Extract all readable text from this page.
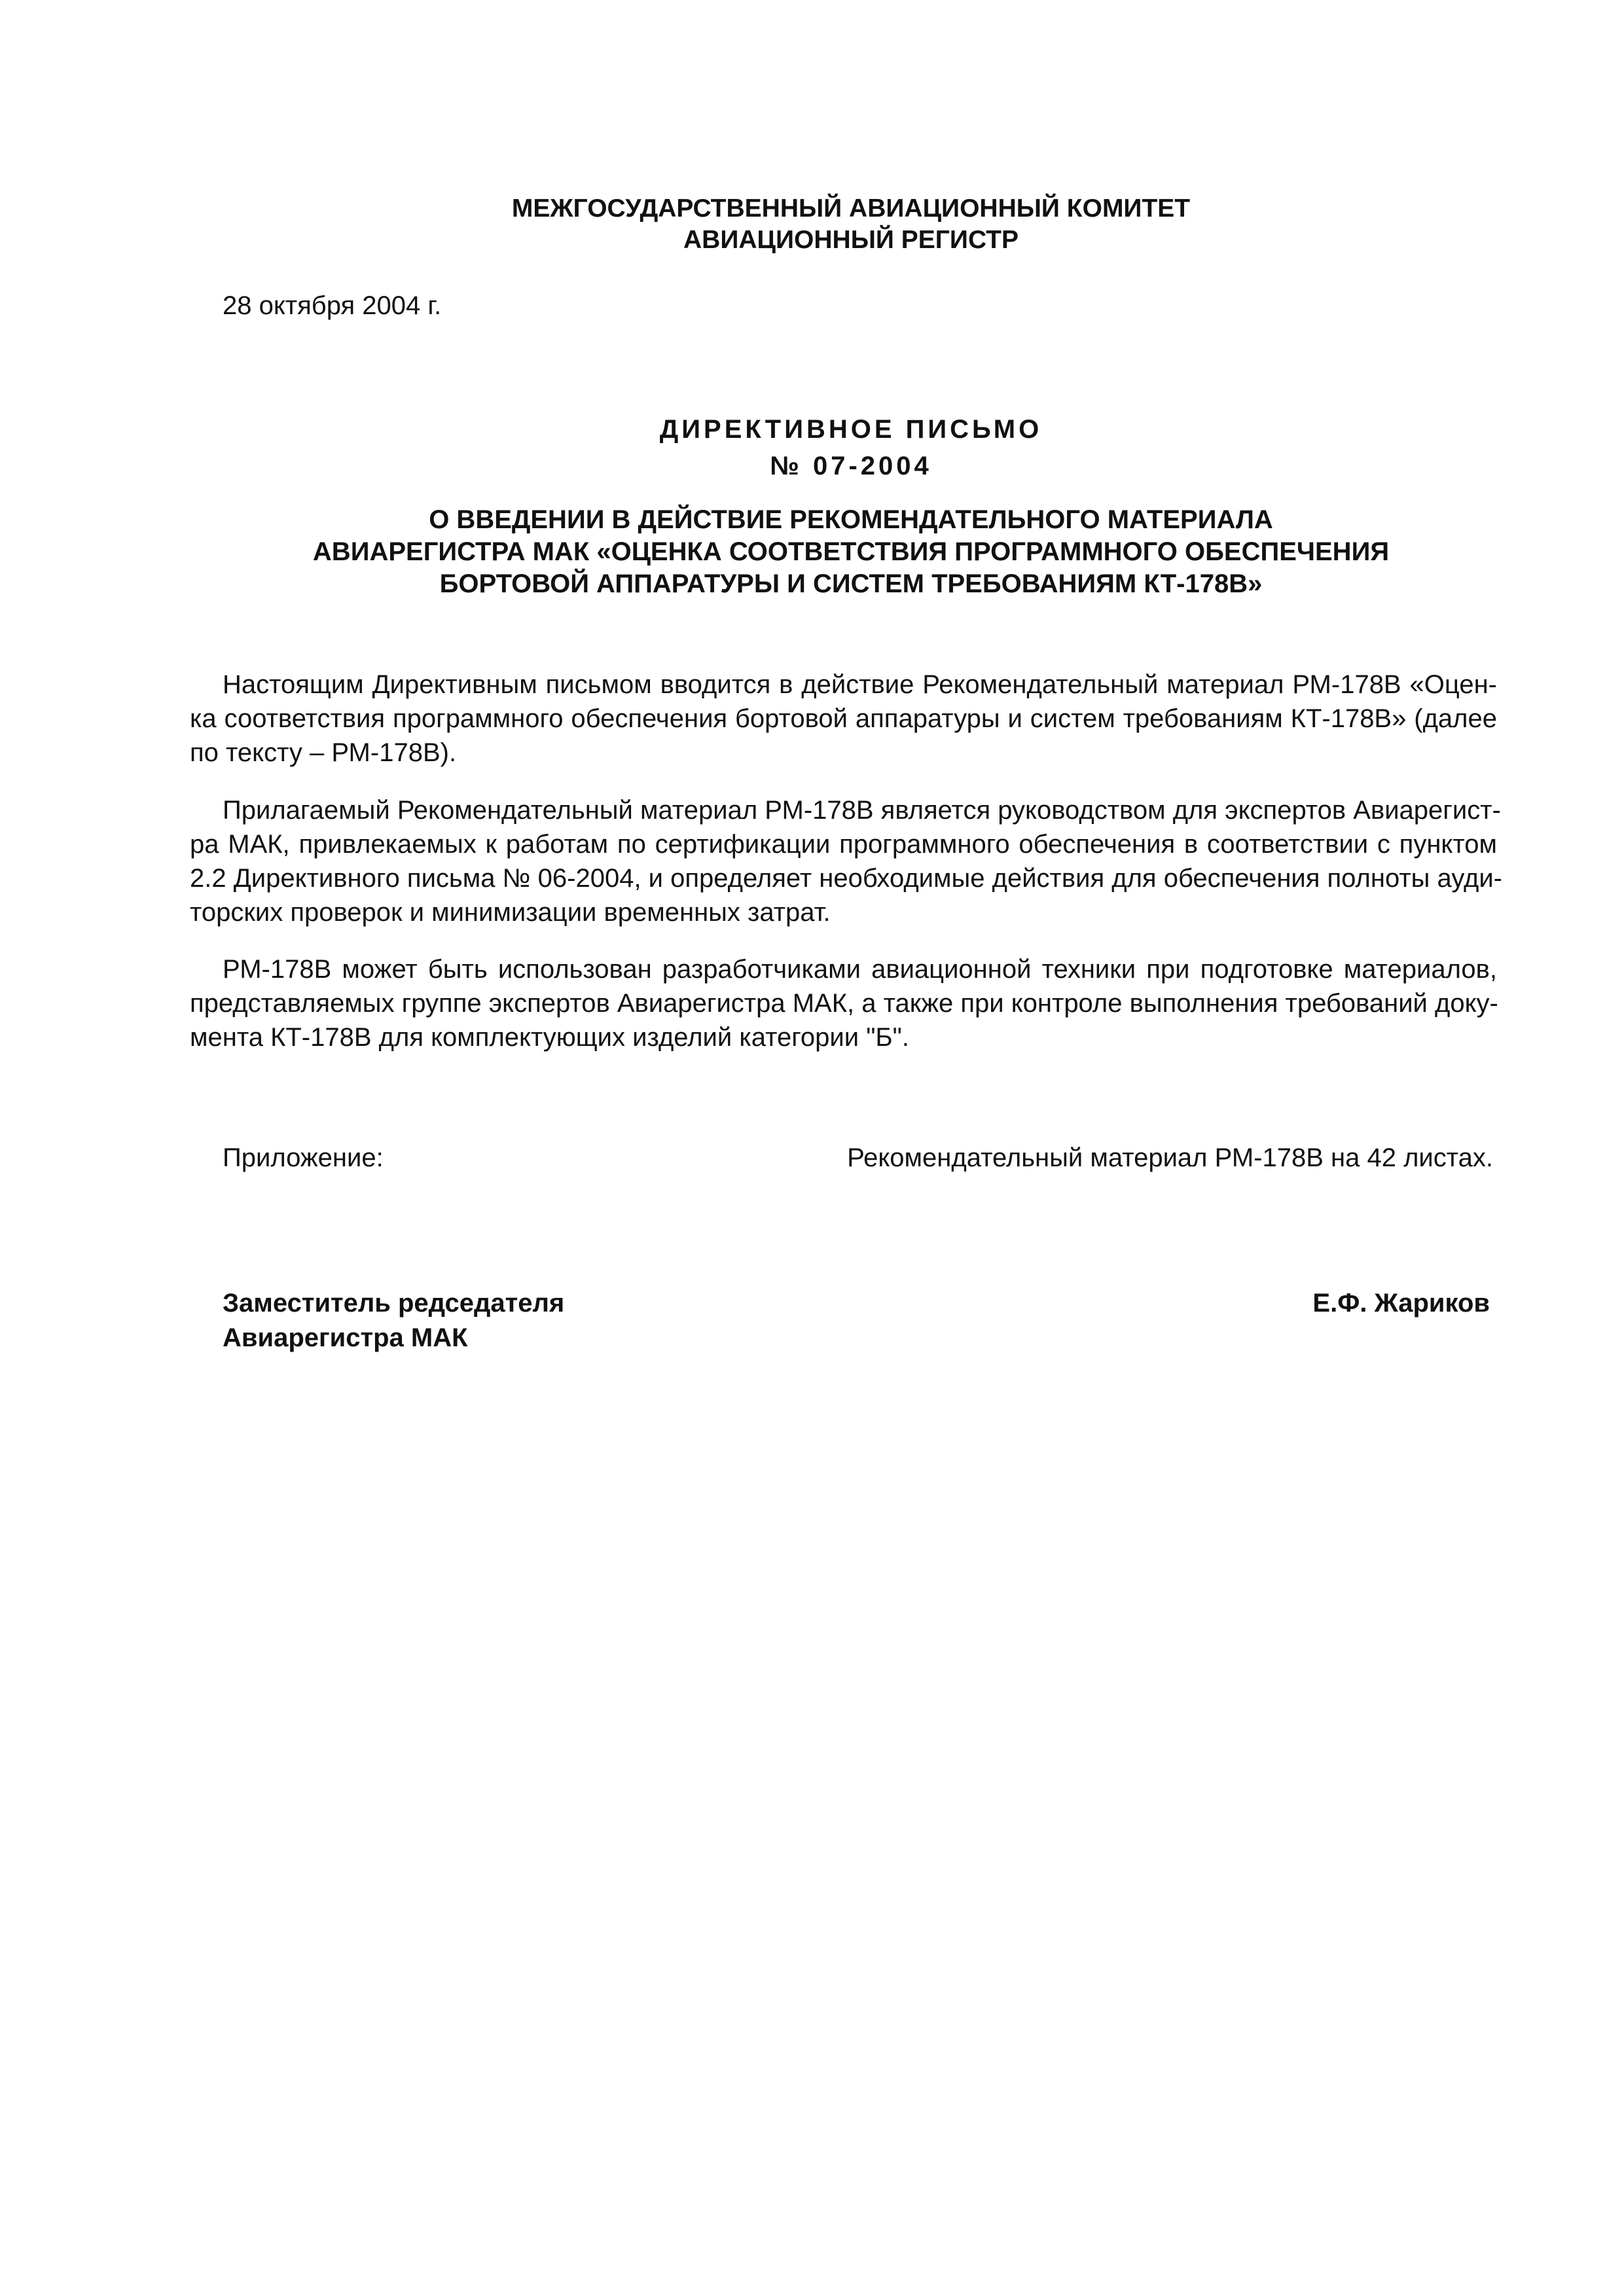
МЕЖГОСУДАРСТВЕННЫЙ АВИАЦИОННЫЙ КОМИТЕТ
АВИАЦИОННЫЙ РЕГИСТР
28 октября 2004 г.
ДИРЕКТИВНОЕ ПИСЬМО
№ 07-2004
О ВВЕДЕНИИ В ДЕЙСТВИЕ РЕКОМЕНДАТЕЛЬНОГО МАТЕРИАЛА
АВИАРЕГИСТРА МАК «ОЦЕНКА СООТВЕТСТВИЯ ПРОГРАММНОГО ОБЕСПЕЧЕНИЯ
БОРТОВОЙ АППАРАТУРЫ И СИСТЕМ ТРЕБОВАНИЯМ КТ-178В»
Настоящим Директивным письмом вводится в действие Рекомендательный материал РМ-178В «Оцен-
ка соответствия программного обеспечения бортовой аппаратуры и систем требованиям КТ-178В» (далее
по тексту – РМ-178В).
Прилагаемый Рекомендательный материал РМ-178В является руководством для экспертов Авиарегист-
ра МАК, привлекаемых к работам по сертификации программного обеспечения в соответствии с пунктом
2.2 Директивного письма № 06-2004, и определяет необходимые действия для обеспечения полноты ауди-
торских проверок и минимизации временных затрат.
РМ-178В может быть использован разработчиками авиационной техники при подготовке материалов,
представляемых группе экспертов Авиарегистра МАК, а также при контроле выполнения требований доку-
мента КТ-178В для комплектующих изделий категории "Б".
Приложение:	Рекомендательный материал РМ-178В на 42 листах.
Заместитель редседателя
Авиарегистра МАК
Е.Ф. Жариков
